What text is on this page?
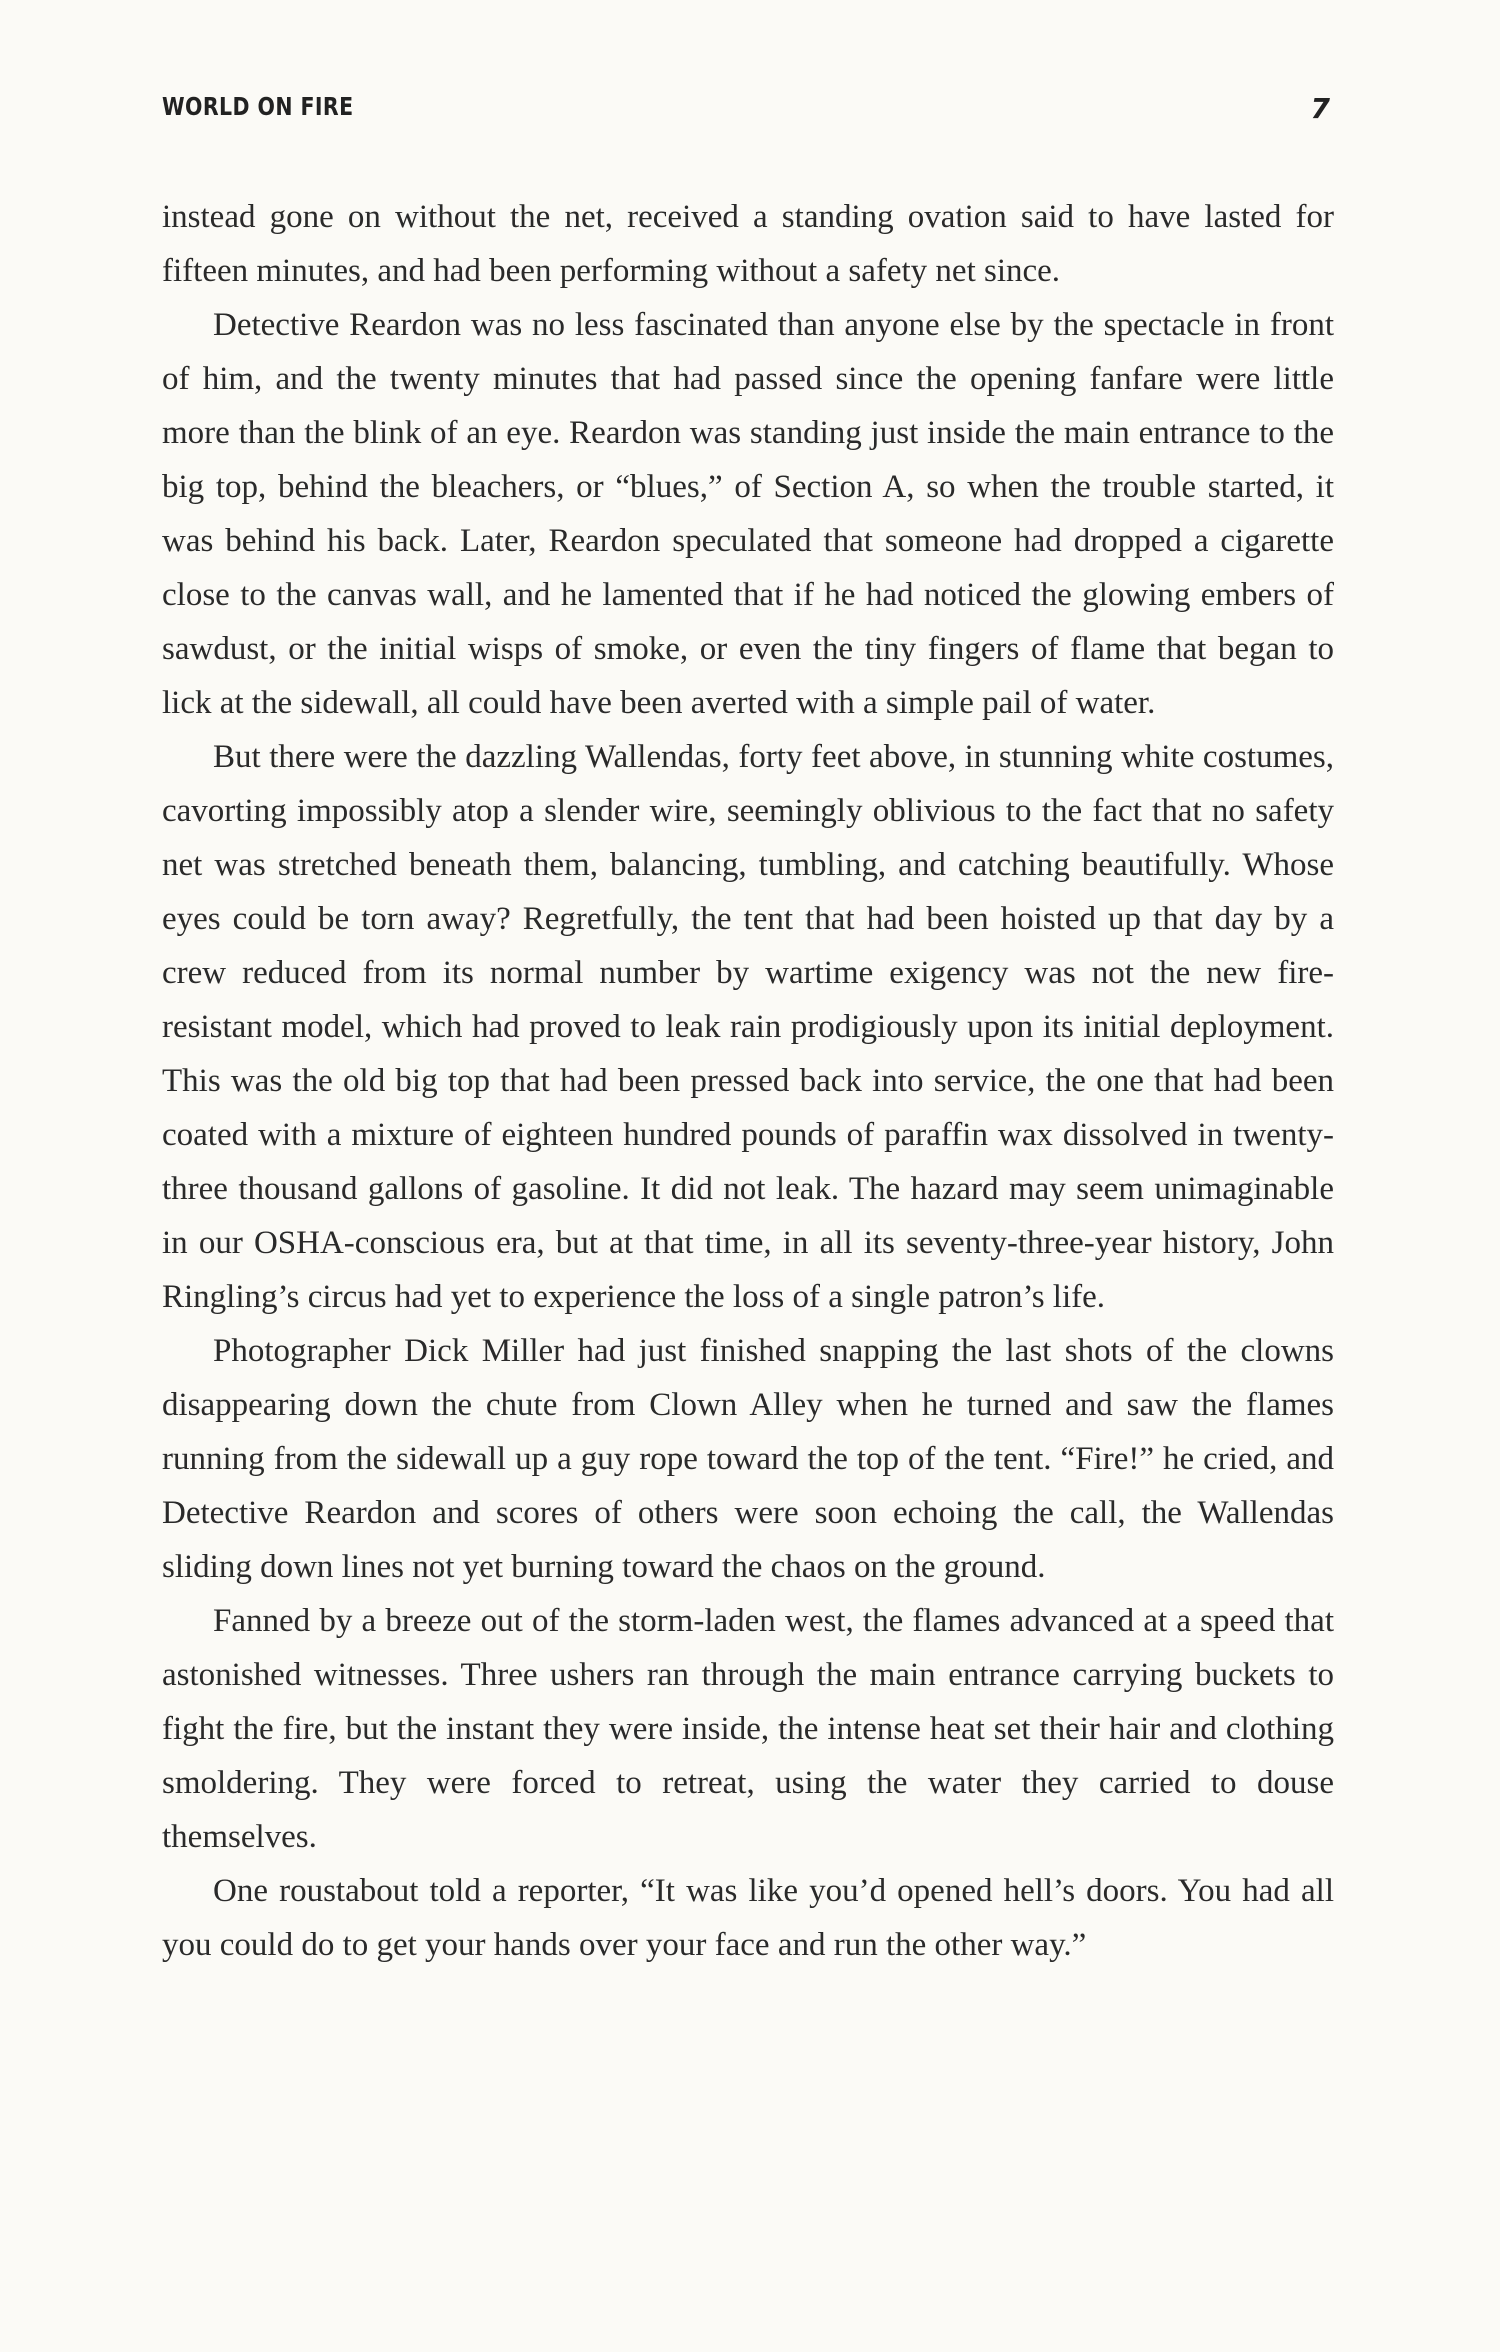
WORLD ON FIRE	7

instead gone on without the net, received a standing ovation said to have lasted for fifteen minutes, and had been performing without a safety net since.

Detective Reardon was no less fascinated than anyone else by the spectacle in front of him, and the twenty minutes that had passed since the opening fanfare were little more than the blink of an eye. Reardon was standing just inside the main entrance to the big top, behind the bleachers, or “blues,” of Section A, so when the trouble started, it was behind his back. Later, Reardon speculated that someone had dropped a cigarette close to the canvas wall, and he lamented that if he had noticed the glowing embers of sawdust, or the initial wisps of smoke, or even the tiny fingers of flame that began to lick at the sidewall, all could have been averted with a simple pail of water.

But there were the dazzling Wallendas, forty feet above, in stunning white costumes, cavorting impossibly atop a slender wire, seemingly oblivious to the fact that no safety net was stretched beneath them, balancing, tumbling, and catching beautifully. Whose eyes could be torn away? Regretfully, the tent that had been hoisted up that day by a crew reduced from its normal number by wartime exigency was not the new fire-resistant model, which had proved to leak rain prodigiously upon its initial deployment. This was the old big top that had been pressed back into service, the one that had been coated with a mixture of eighteen hundred pounds of paraffin wax dissolved in twenty-three thousand gallons of gasoline. It did not leak. The hazard may seem unimaginable in our OSHA-conscious era, but at that time, in all its seventy-three-year history, John Ringling’s circus had yet to experience the loss of a single patron’s life.

Photographer Dick Miller had just finished snapping the last shots of the clowns disappearing down the chute from Clown Alley when he turned and saw the flames running from the sidewall up a guy rope toward the top of the tent. “Fire!” he cried, and Detective Reardon and scores of others were soon echoing the call, the Wallendas sliding down lines not yet burning toward the chaos on the ground.

Fanned by a breeze out of the storm-laden west, the flames advanced at a speed that astonished witnesses. Three ushers ran through the main entrance carrying buckets to fight the fire, but the instant they were inside, the intense heat set their hair and clothing smoldering. They were forced to retreat, using the water they carried to douse themselves.

One roustabout told a reporter, “It was like you’d opened hell’s doors. You had all you could do to get your hands over your face and run the other way.”
